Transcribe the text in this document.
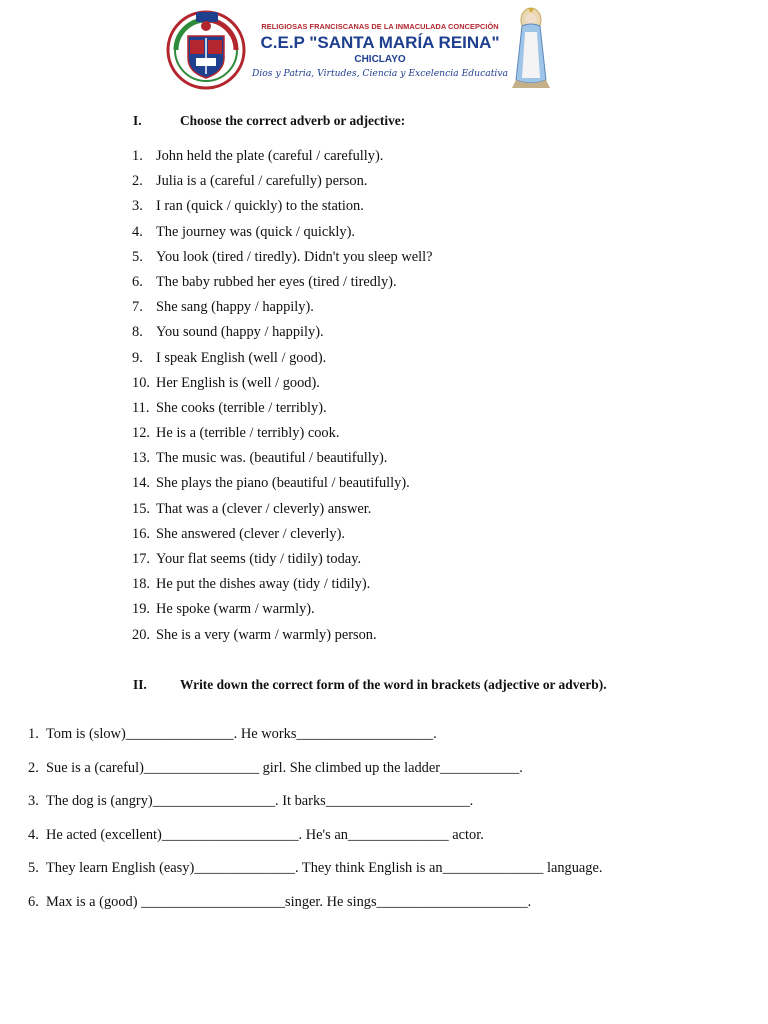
RELIGIOSAS FRANCISCANAS DE LA INMACULADA CONCEPCIÓN
C.E.P "SANTA MARÍA REINA"
CHICLAYO
Dios y Patria, Virtudes, Ciencia y Excelencia Educativa
I.	Choose the correct adverb or adjective:
1. John held the plate (careful / carefully).
2. Julia is a (careful / carefully) person.
3. I ran (quick / quickly) to the station.
4. The journey was (quick / quickly).
5. You look (tired / tiredly). Didn't you sleep well?
6. The baby rubbed her eyes (tired / tiredly).
7. She sang (happy / happily).
8. You sound (happy / happily).
9. I speak English (well / good).
10. Her English is (well / good).
11. She cooks (terrible / terribly).
12. He is a (terrible / terribly) cook.
13. The music was. (beautiful / beautifully).
14. She plays the piano (beautiful / beautifully).
15. That was a (clever / cleverly) answer.
16. She answered (clever / cleverly).
17. Your flat seems (tidy / tidily) today.
18. He put the dishes away (tidy / tidily).
19. He spoke (warm / warmly).
20. She is a very (warm / warmly) person.
II. Write down the correct form of the word in brackets (adjective or adverb).
1. Tom is (slow)_______________. He works___________________.
2. Sue is a (careful)________________ girl. She climbed up the ladder___________.
3. The dog is (angry)_________________. It barks____________________.
4. He acted (excellent)___________________. He's an______________ actor.
5. They learn English (easy)______________. They think English is an______________ language.
6. Max is a (good) ____________________singer. He sings_____________________.
